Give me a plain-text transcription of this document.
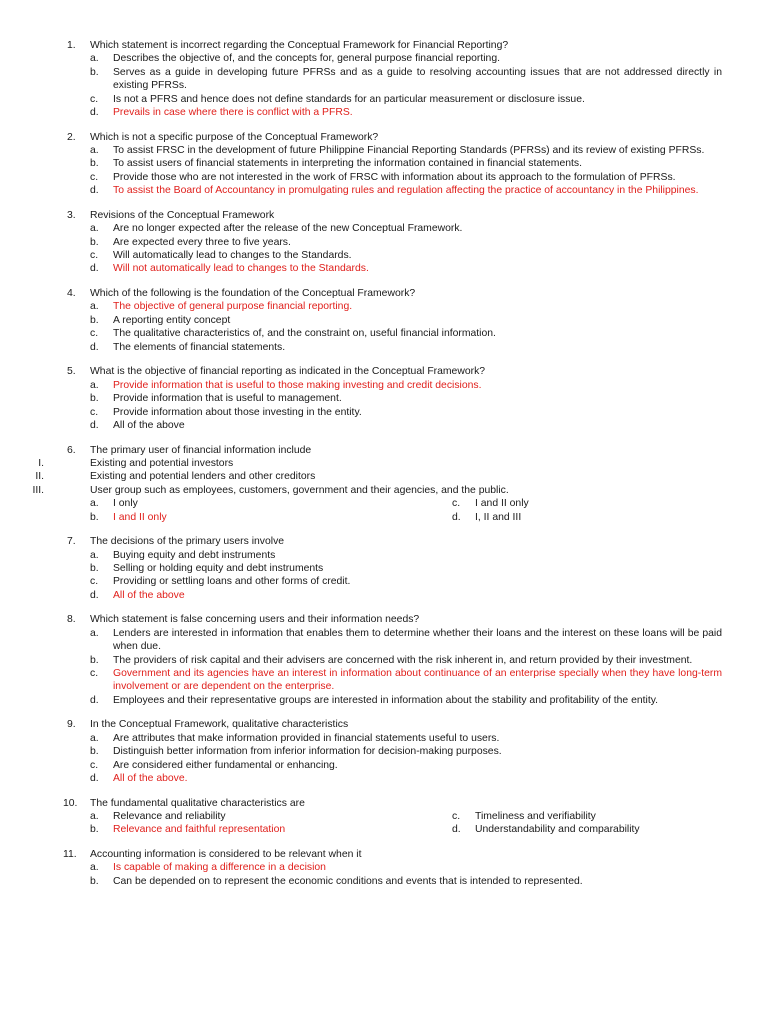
1. Which statement is incorrect regarding the Conceptual Framework for Financial Reporting?
a. Describes the objective of, and the concepts for, general purpose financial reporting.
b. Serves as a guide in developing future PFRSs and as a guide to resolving accounting issues that are not addressed directly in existing PFRSs.
c. Is not a PFRS and hence does not define standards for an particular measurement or disclosure issue.
d. Prevails in case where there is conflict with a PFRS.
2. Which is not a specific purpose of the Conceptual Framework?
a. To assist FRSC in the development of future Philippine Financial Reporting Standards (PFRSs) and its review of existing PFRSs.
b. To assist users of financial statements in interpreting the information contained in financial statements.
c. Provide those who are not interested in the work of FRSC with information about its approach to the formulation of PFRSs.
d. To assist the Board of Accountancy in promulgating rules and regulation affecting the practice of accountancy in the Philippines.
3. Revisions of the Conceptual Framework
a. Are no longer expected after the release of the new Conceptual Framework.
b. Are expected every three to five years.
c. Will automatically lead to changes to the Standards.
d. Will not automatically lead to changes to the Standards.
4. Which of the following is the foundation of the Conceptual Framework?
a. The objective of general purpose financial reporting.
b. A reporting entity concept
c. The qualitative characteristics of, and the constraint on, useful financial information.
d. The elements of financial statements.
5. What is the objective of financial reporting as indicated in the Conceptual Framework?
a. Provide information that is useful to those making investing and credit decisions.
b. Provide information that is useful to management.
c. Provide information about those investing in the entity.
d. All of the above
6. The primary user of financial information include
I.	Existing and potential investors
II.	Existing and potential lenders and other creditors
III.	User group such as employees, customers, government and their agencies, and the public.
a. I only	c. I and II only
b. I and II only	d. I, II and III
7. The decisions of the primary users involve
a. Buying equity and debt instruments
b. Selling or holding equity and debt instruments
c. Providing or settling loans and other forms of credit.
d. All of the above
8. Which statement is false concerning users and their information needs?
a. Lenders are interested in information that enables them to determine whether their loans and the interest on these loans will be paid when due.
b. The providers of risk capital and their advisers are concerned with the risk inherent in, and return provided by their investment.
c. Government and its agencies have an interest in information about continuance of an enterprise specially when they have long-term involvement or are dependent on the enterprise.
d. Employees and their representative groups are interested in information about the stability and profitability of the entity.
9. In the Conceptual Framework, qualitative characteristics
a. Are attributes that make information provided in financial statements useful to users.
b. Distinguish better information from inferior information for decision-making purposes.
c. Are considered either fundamental or enhancing.
d. All of the above.
10. The fundamental qualitative characteristics are
a. Relevance and reliability	c. Timeliness and verifiability
b. Relevance and faithful representation	d. Understandability and comparability
11. Accounting information is considered to be relevant when it
a. Is capable of making a difference in a decision
b. Can be depended on to represent the economic conditions and events that is intended to represented.
